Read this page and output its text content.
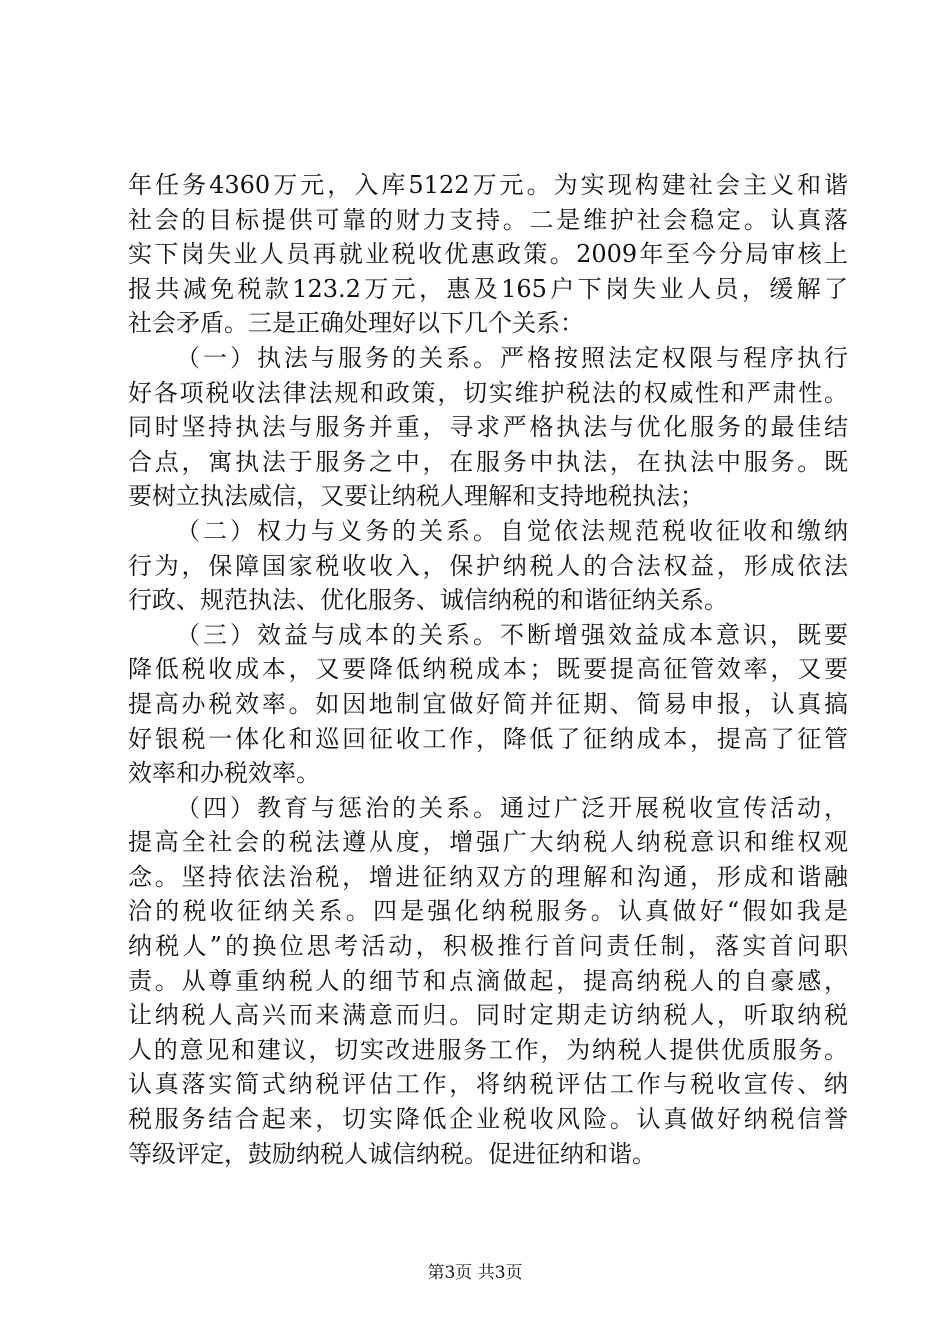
年任务4360万元，入库5122万元。为实现构建社会主义和谐
社会的目标提供可靠的财力支持。二是维护社会稳定。认真落
实下岗失业人员再就业税收优惠政策。2009年至今分局审核上
报共减免税款123.2万元，惠及165户下岗失业人员，缓解了
社会矛盾。三是正确处理好以下几个关系：
（一）执法与服务的关系。严格按照法定权限与程序执行
好各项税收法律法规和政策，切实维护税法的权威性和严肃性。
同时坚持执法与服务并重，寻求严格执法与优化服务的最佳结
合点，寓执法于服务之中，在服务中执法，在执法中服务。既
要树立执法威信，又要让纳税人理解和支持地税执法；
（二）权力与义务的关系。自觉依法规范税收征收和缴纳
行为，保障国家税收收入，保护纳税人的合法权益，形成依法
行政、规范执法、优化服务、诚信纳税的和谐征纳关系。
（三）效益与成本的关系。不断增强效益成本意识，既要
降低税收成本，又要降低纳税成本；既要提高征管效率，又要
提高办税效率。如因地制宜做好简并征期、简易申报，认真搞
好银税一体化和巡回征收工作，降低了征纳成本，提高了征管
效率和办税效率。
（四）教育与惩治的关系。通过广泛开展税收宣传活动，
提高全社会的税法遵从度，增强广大纳税人纳税意识和维权观
念。坚持依法治税，增进征纳双方的理解和沟通，形成和谐融
洽的税收征纳关系。四是强化纳税服务。认真做好“假如我是
纳税人”的换位思考活动，积极推行首问责任制，落实首问职
责。从尊重纳税人的细节和点滴做起，提高纳税人的自豪感，
让纳税人高兴而来满意而归。同时定期走访纳税人，听取纳税
人的意见和建议，切实改进服务工作，为纳税人提供优质服务。
认真落实简式纳税评估工作，将纳税评估工作与税收宣传、纳
税服务结合起来，切实降低企业税收风险。认真做好纳税信誉
等级评定，鼓励纳税人诚信纳税。促进征纳和谐。
第3页 共3页
